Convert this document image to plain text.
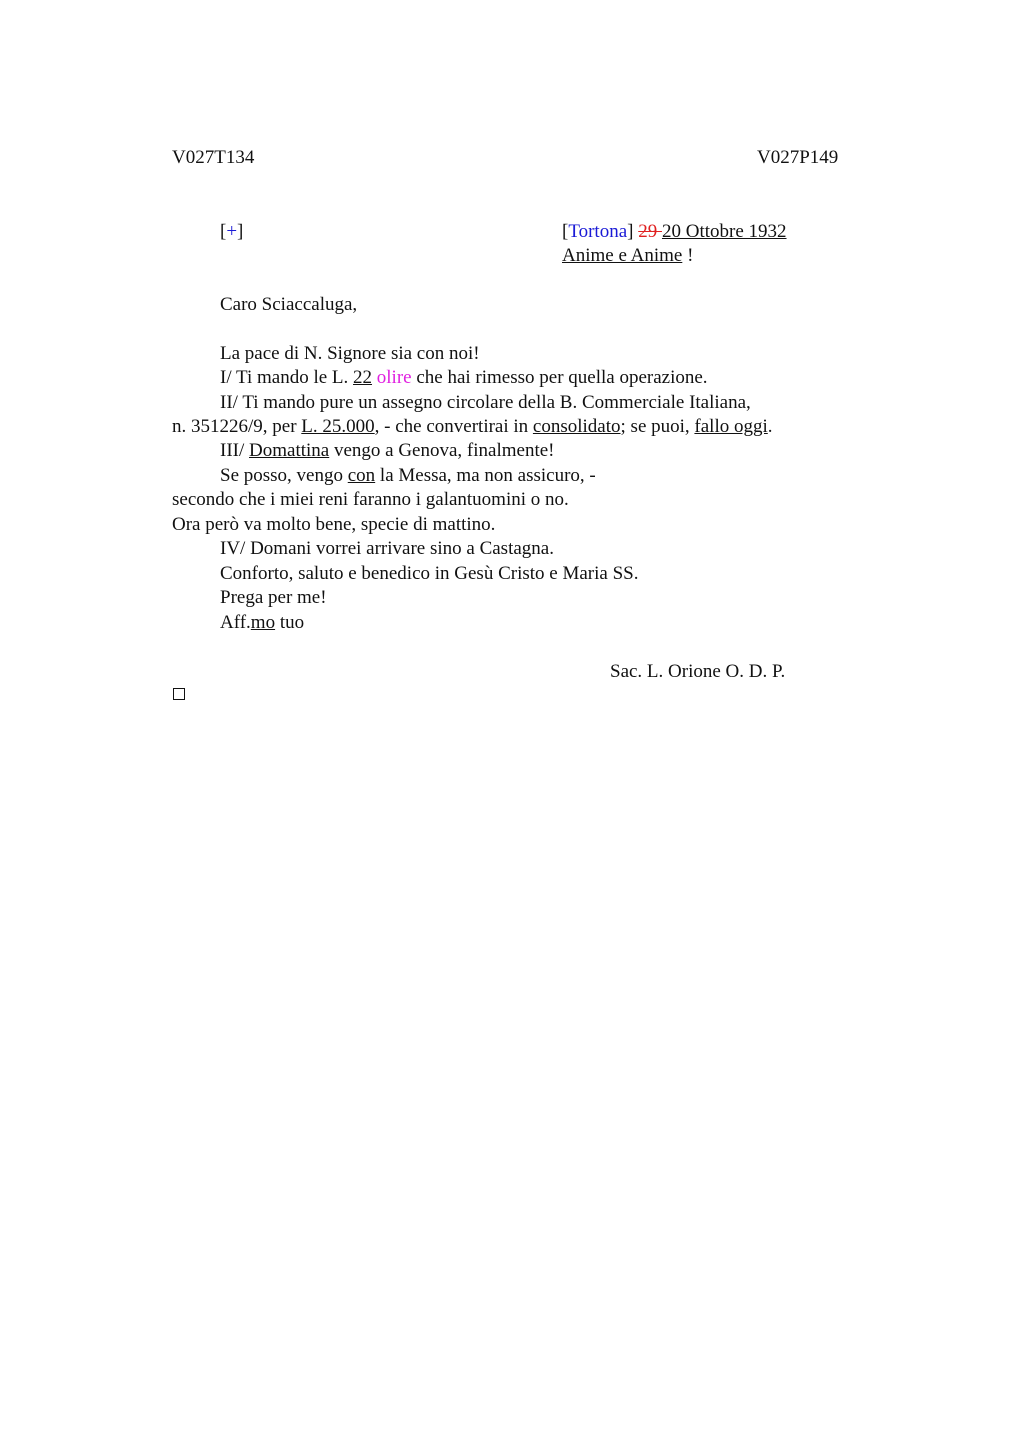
V027T134	V027P149
[+]	[Tortona] 29 20 Ottobre 1932
Anime e Anime !
Caro Sciaccaluga,
La pace di N. Signore sia con noi!
I/ Ti mando le L. 22 olire che hai rimesso per quella operazione.
II/ Ti mando pure un assegno circolare della B. Commerciale Italiana,
n. 351226/9, per L. 25.000, - che convertirai in consolidato; se puoi, fallo oggi.
III/ Domattina vengo a Genova, finalmente!
Se posso, vengo con la Messa, ma non assicuro, -
secondo che i miei reni faranno i galantuomini o no.
Ora però va molto bene, specie di mattino.
IV/ Domani vorrei arrivare sino a Castagna.
Conforto, saluto e benedico in Gesù Cristo e Maria SS.
Prega per me!
Aff.mo tuo
Sac. L. Orione O. D. P.
